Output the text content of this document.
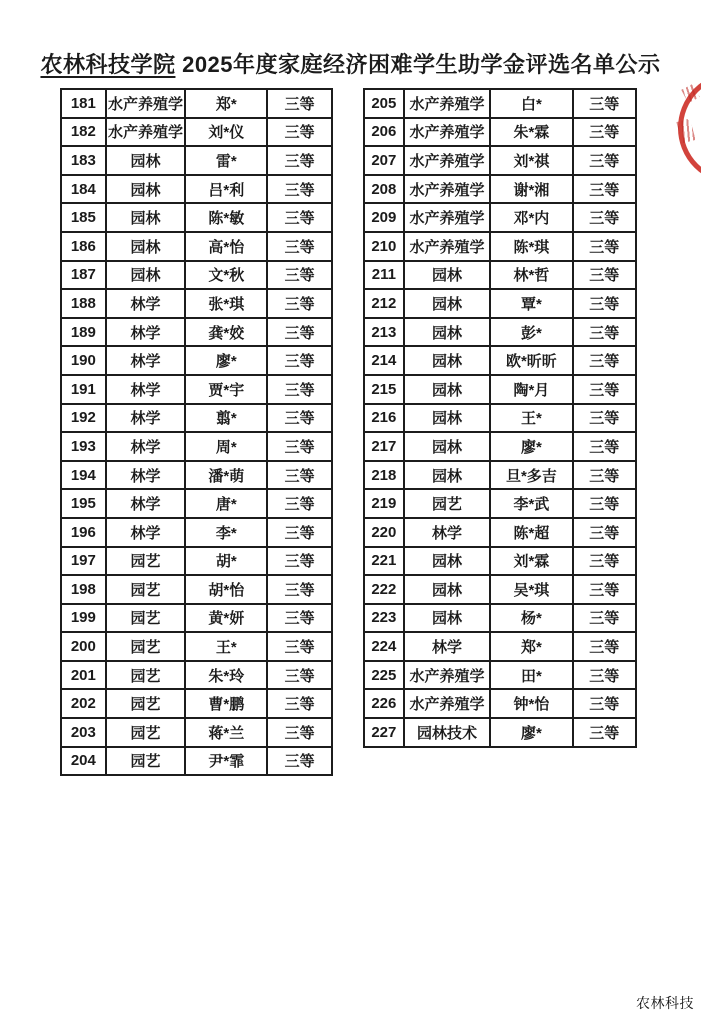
农林科技学院 2025年度家庭经济困难学生助学金评选名单公示
181	水产养殖学	郑*	三等
182	水产养殖学	刘*仪	三等
183	园林	雷*	三等
184	园林	吕*利	三等
185	园林	陈*敏	三等
186	园林	高*怡	三等
187	园林	文*秋	三等
188	林学	张*琪	三等
189	林学	龚*姣	三等
190	林学	廖*	三等
191	林学	贾*宇	三等
192	林学	翦*	三等
193	林学	周*	三等
194	林学	潘*萌	三等
195	林学	唐*	三等
196	林学	李*	三等
197	园艺	胡*	三等
198	园艺	胡*怡	三等
199	园艺	黄*妍	三等
200	园艺	王*	三等
201	园艺	朱*玲	三等
202	园艺	曹*鹏	三等
203	园艺	蒋*兰	三等
204	园艺	尹*霏	三等
205	水产养殖学	白*	三等
206	水产养殖学	朱*霖	三等
207	水产养殖学	刘*祺	三等
208	水产养殖学	谢*湘	三等
209	水产养殖学	邓*内	三等
210	水产养殖学	陈*琪	三等
211	园林	林*哲	三等
212	园林	覃*	三等
213	园林	彭*	三等
214	园林	欧*昕昕	三等
215	园林	陶*月	三等
216	园林	王*	三等
217	园林	廖*	三等
218	园林	旦*多吉	三等
219	园艺	李*武	三等
220	林学	陈*超	三等
221	园林	刘*霖	三等
222	园林	吴*琪	三等
223	园林	杨*	三等
224	林学	郑*	三等
225	水产养殖学	田*	三等
226	水产养殖学	钟*怡	三等
227	园林技术	廖*	三等
农林科技
